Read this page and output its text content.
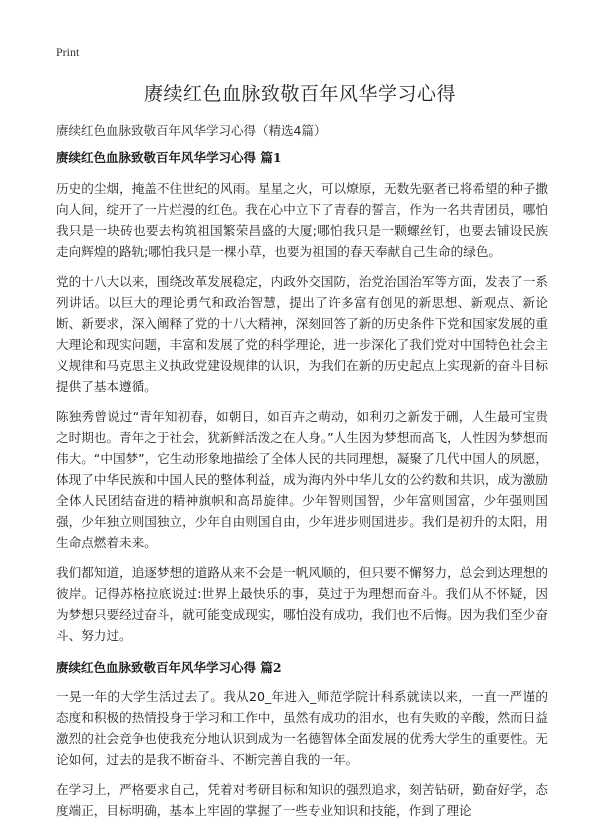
Print
赓续红色血脉致敬百年风华学习心得
赓续红色血脉致敬百年风华学习心得（精选4篇）
赓续红色血脉致敬百年风华学习心得 篇1

历史的尘烟，掩盖不住世纪的风雨。星星之火，可以燎原，无数先驱者已将希望的种子撒向人间，绽开了一片烂漫的红色。我在心中立下了青春的誓言，作为一名共青团员，哪怕我只是一块砖也要去构筑祖国繁荣昌盛的大厦;哪怕我只是一颗螺丝钉，也要去铺设民族走向辉煌的路轨;哪怕我只是一棵小草，也要为祖国的春天奉献自己生命的绿色。

党的十八大以来，围绕改革发展稳定，内政外交国防，治党治国治军等方面，发表了一系列讲话。以巨大的理论勇气和政治智慧，提出了许多富有创见的新思想、新观点、新论断、新要求，深入阐释了党的十八大精神，深刻回答了新的历史条件下党和国家发展的重大理论和现实问题，丰富和发展了党的科学理论，进一步深化了我们党对中国特色社会主义规律和马克思主义执政党建设规律的认识，为我们在新的历史起点上实现新的奋斗目标提供了基本遵循。

陈独秀曾说过“青年知初春，如朝日，如百卉之萌动，如利刃之新发于硎，人生最可宝贵之时期也。青年之于社会，犹新鲜活泼之在人身。”人生因为梦想而高飞，人性因为梦想而伟大。“中国梦”，它生动形象地描绘了全体人民的共同理想，凝聚了几代中国人的夙愿，体现了中华民族和中国人民的整体利益，成为海内外中华儿女的公约数和共识，成为激励全体人民团结奋进的精神旗帜和高昂旋律。少年智则国智，少年富则国富，少年强则国强，少年独立则国独立，少年自由则国自由，少年进步则国进步。我们是初升的太阳，用生命点燃着未来。

我们都知道，追逐梦想的道路从来不会是一帆风顺的，但只要不懈努力，总会到达理想的彼岸。记得苏格拉底说过:世界上最快乐的事，莫过于为理想而奋斗。我们从不怀疑，因为梦想只要经过奋斗，就可能变成现实，哪怕没有成功，我们也不后悔。因为我们至少奋斗、努力过。

赓续红色血脉致敬百年风华学习心得 篇2

一晃一年的大学生活过去了。我从20_年进入_师范学院计科系就读以来，一直一严谨的态度和积极的热情投身于学习和工作中，虽然有成功的泪水，也有失败的辛酸，然而日益激烈的社会竞争也使我充分地认识到成为一名德智体全面发展的优秀大学生的重要性。无论如何，过去的是我不断奋斗、不断完善自我的一年。

在学习上，严格要求自己，凭着对考研目标和知识的强烈追求，刻苦钻研，勤奋好学，态度端正，目标明确，基本上牢固的掌握了一些专业知识和技能，作到了理论
